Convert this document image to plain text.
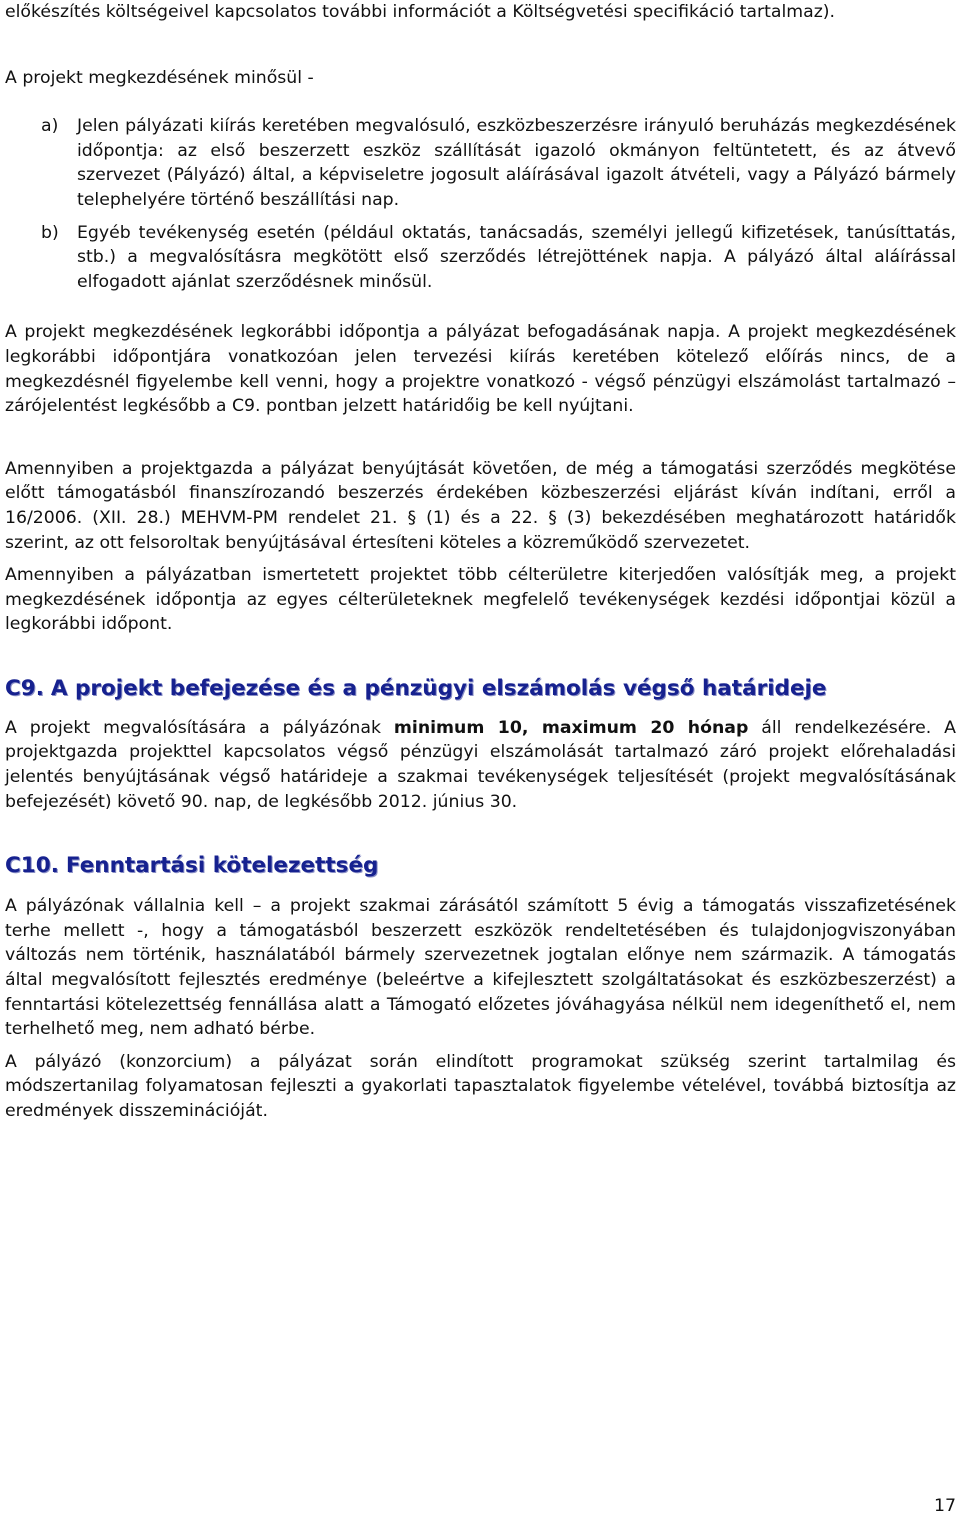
előkészítés költségeivel kapcsolatos további információt a Költségvetési specifikáció tartalmaz).

A projekt megkezdésének minősül -

a)	Jelen pályázati kiírás keretében megvalósuló, eszközbeszerzésre irányuló beruházás megkezdésének időpontja: az első beszerzett eszköz szállítását igazoló okmányon feltüntetett, és az átvevő szervezet (Pályázó) által, a képviseletre jogosult aláírásával igazolt átvételi, vagy a Pályázó bármely telephelyére történő beszállítási nap.

b)	Egyéb tevékenység esetén (például oktatás, tanácsadás, személyi jellegű kifizetések, tanúsíttatás, stb.) a megvalósításra megkötött első szerződés létrejöttének napja. A pályázó által aláírással elfogadott ajánlat szerződésnek minősül.

A projekt megkezdésének legkorábbi időpontja a pályázat befogadásának napja. A projekt megkezdésének legkorábbi időpontjára vonatkozóan jelen tervezési kiírás keretében kötelező előírás nincs, de a megkezdésnél figyelembe kell venni, hogy a projektre vonatkozó - végső pénzügyi elszámolást tartalmazó – zárójelentést legkésőbb a C9. pontban jelzett határidőig be kell nyújtani.

Amennyiben a projektgazda a pályázat benyújtását követően, de még a támogatási szerződés megkötése előtt támogatásból finanszírozandó beszerzés érdekében közbeszerzési eljárást kíván indítani, erről a 16/2006. (XII. 28.) MEHVM-PM rendelet 21. § (1) és a 22. § (3) bekezdésében meghatározott határidők szerint, az ott felsoroltak benyújtásával értesíteni köteles a közreműködő szervezetet.

Amennyiben a pályázatban ismertetett projektet több célterületre kiterjedően valósítják meg, a projekt megkezdésének időpontja az egyes célterületeknek megfelelő tevékenységek kezdési időpontjai közül a legkorábbi időpont.

C9. A projekt befejezése és a pénzügyi elszámolás végső határideje

A projekt megvalósítására a pályázónak minimum 10, maximum 20 hónap áll rendelkezésére. A projektgazda projekttel kapcsolatos végső pénzügyi elszámolását tartalmazó záró projekt előrehaladási jelentés benyújtásának végső határideje a szakmai tevékenységek teljesítését (projekt megvalósításának befejezését) követő 90. nap, de legkésőbb 2012. június 30.

C10. Fenntartási kötelezettség

A pályázónak vállalnia kell – a projekt szakmai zárásától számított 5 évig a támogatás visszafizetésének terhe mellett -, hogy a támogatásból beszerzett eszközök rendeltetésében és tulajdonjogviszonyában változás nem történik, használatából bármely szervezetnek jogtalan előnye nem származik. A támogatás által megvalósított fejlesztés eredménye (beleértve a kifejlesztett szolgáltatásokat és eszközbeszerzést) a fenntartási kötelezettség fennállása alatt a Támogató előzetes jóváhagyása nélkül nem idegeníthető el, nem terhelhető meg, nem adható bérbe.

A pályázó (konzorcium) a pályázat során elindított programokat szükség szerint tartalmilag és módszertanilag folyamatosan fejleszti a gyakorlati tapasztalatok figyelembe vételével, továbbá biztosítja az eredmények disszeminációját.

17
